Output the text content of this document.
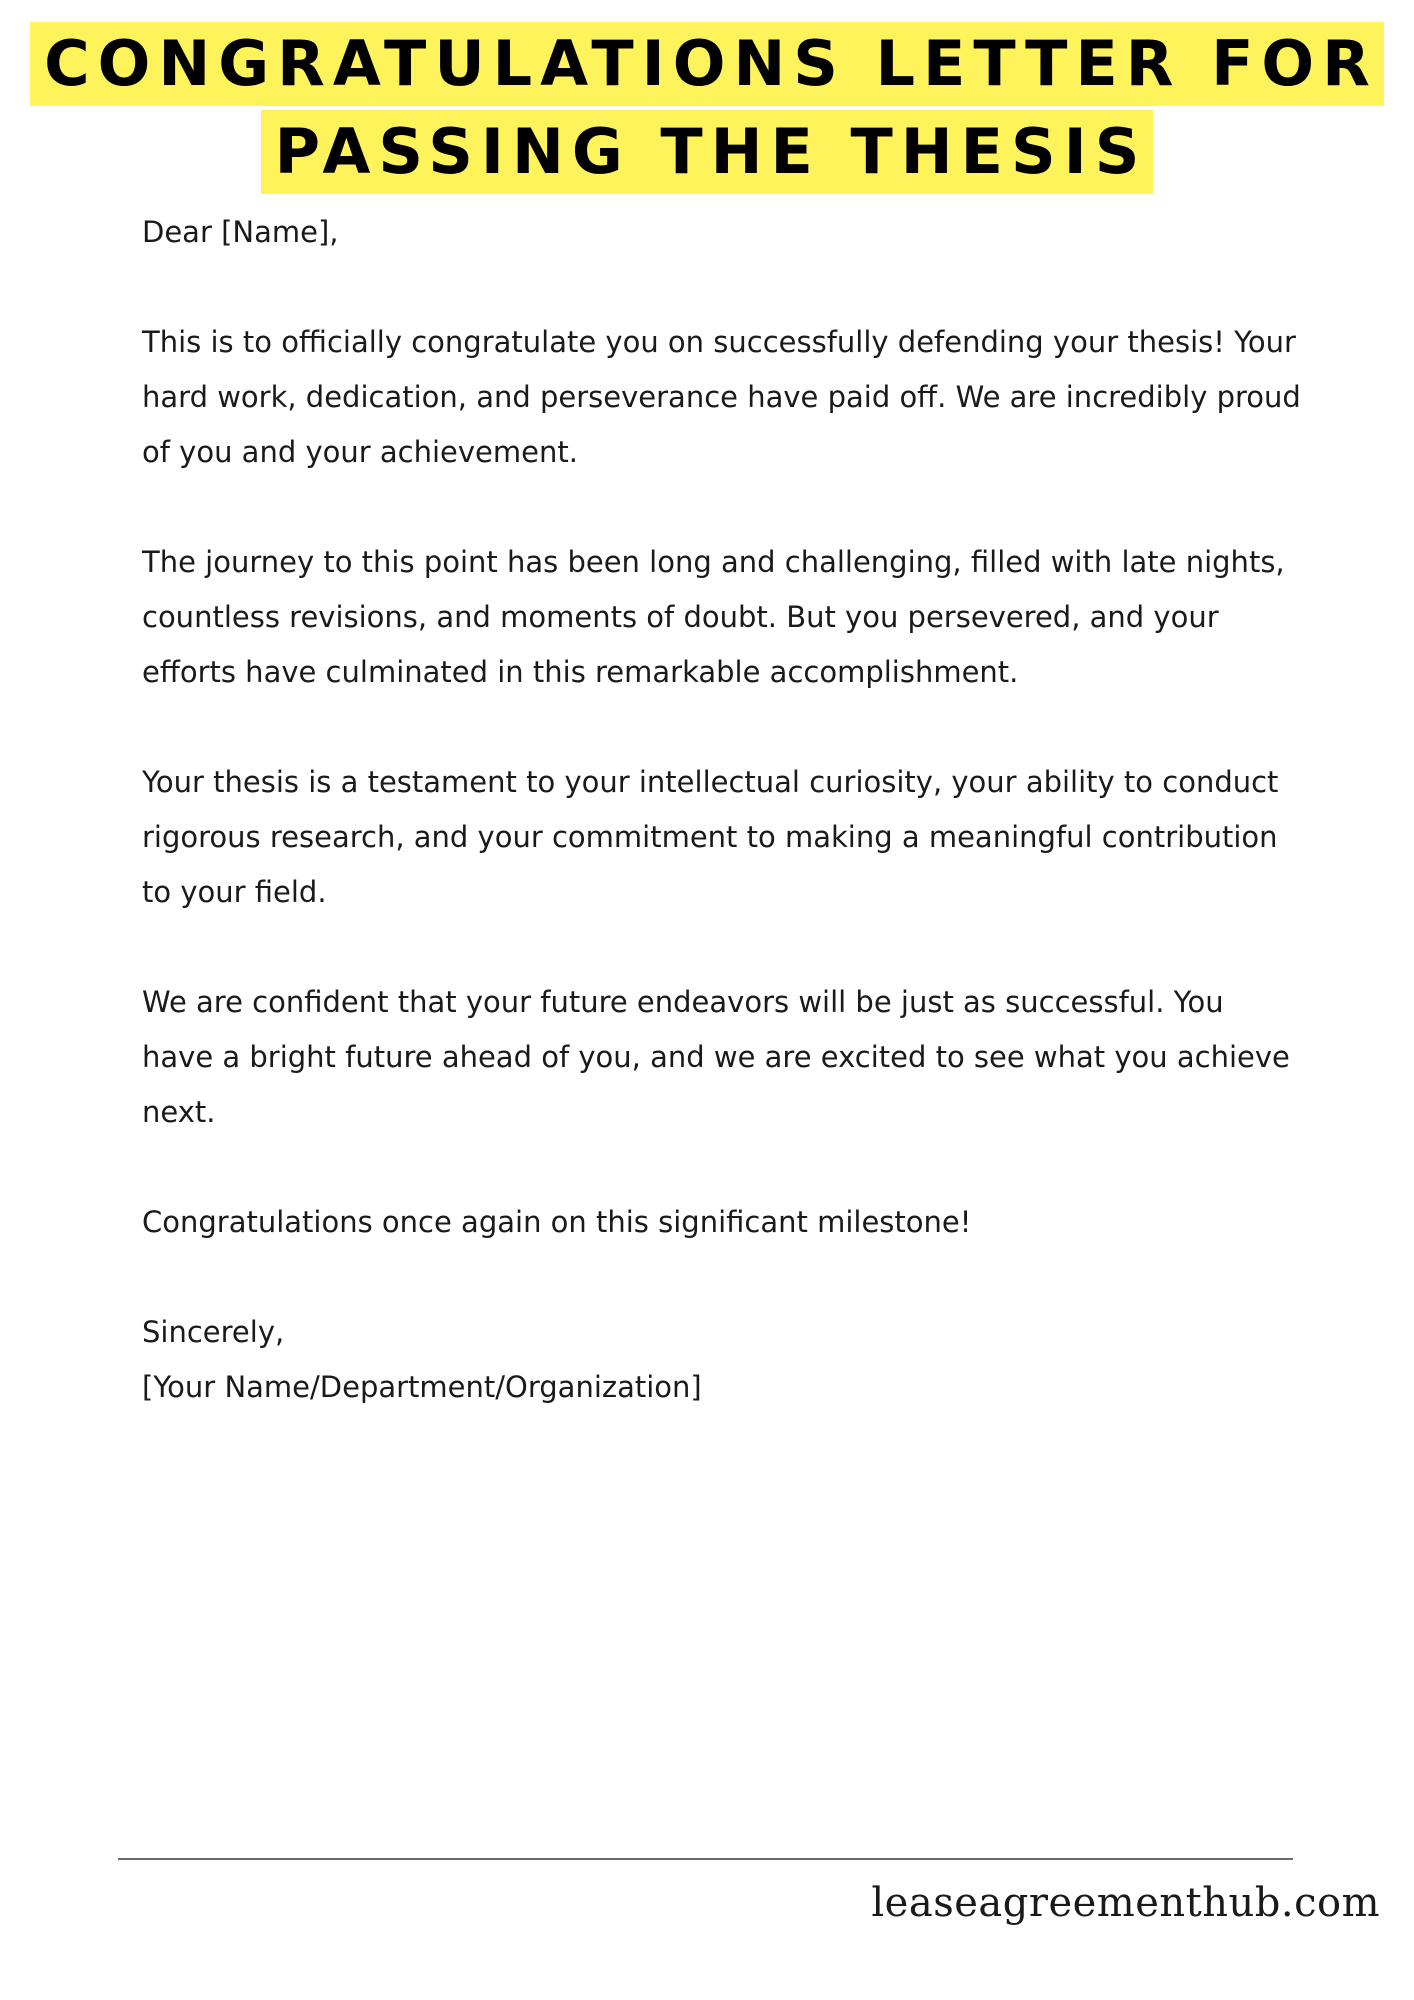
CONGRATULATIONS LETTER FOR
PASSING THE THESIS

Dear [Name],

This is to officially congratulate you on successfully defending your thesis! Your hard work, dedication, and perseverance have paid off. We are incredibly proud of you and your achievement.

The journey to this point has been long and challenging, filled with late nights, countless revisions, and moments of doubt. But you persevered, and your efforts have culminated in this remarkable accomplishment.

Your thesis is a testament to your intellectual curiosity, your ability to conduct rigorous research, and your commitment to making a meaningful contribution to your field.

We are confident that your future endeavors will be just as successful. You have a bright future ahead of you, and we are excited to see what you achieve next.

Congratulations once again on this significant milestone!

Sincerely,

[Your Name/Department/Organization]

leaseagreementhub.com
